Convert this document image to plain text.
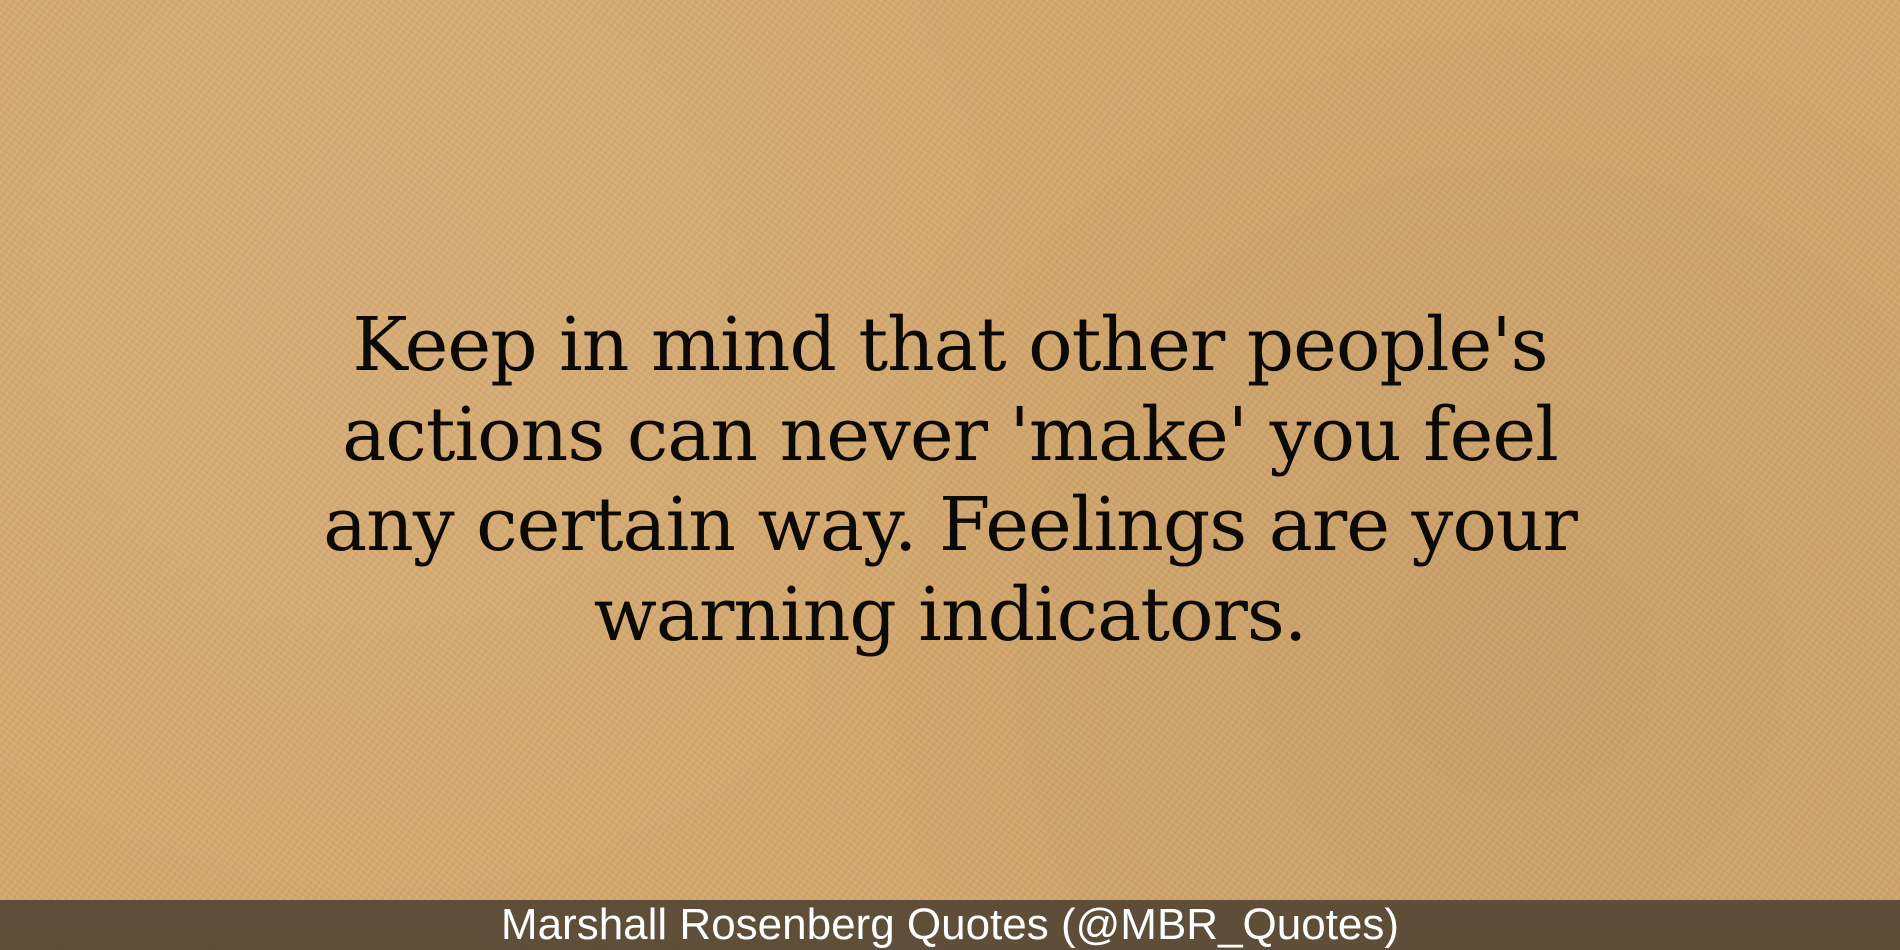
Keep in mind that other people's
actions can never 'make' you feel
any certain way. Feelings are your
warning indicators.

Marshall Rosenberg Quotes (@MBR_Quotes)
